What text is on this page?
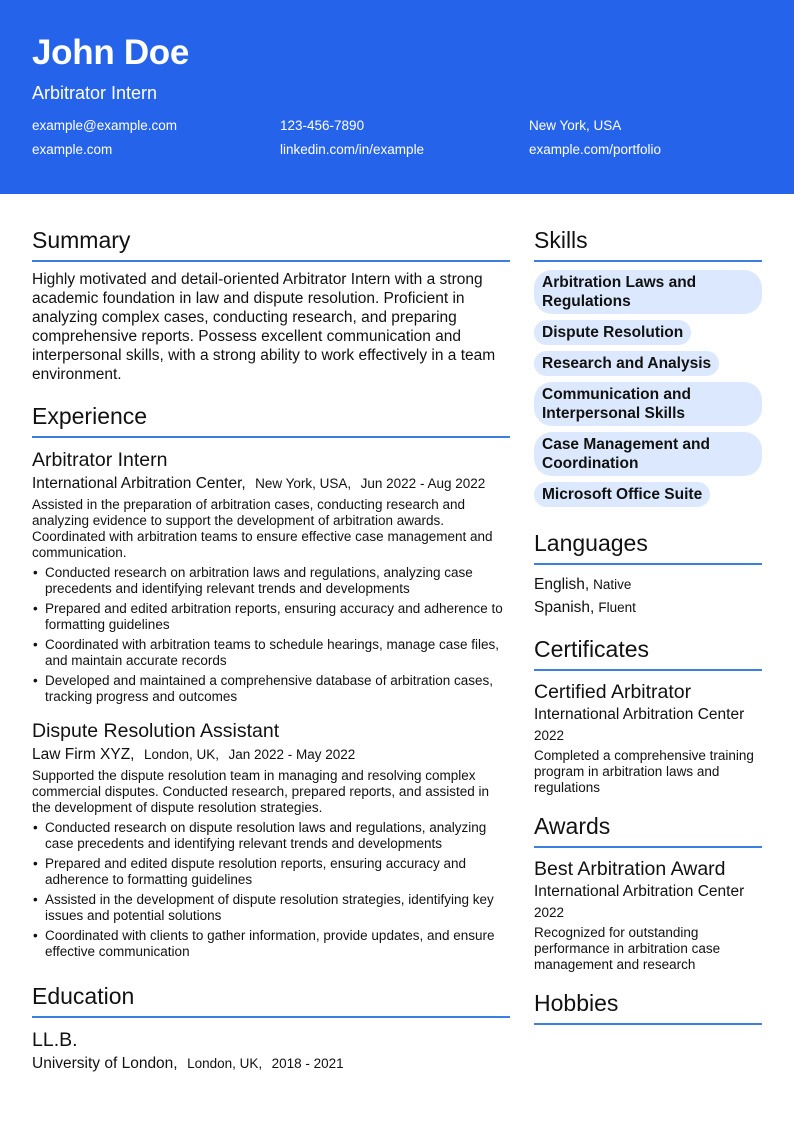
John Doe
Arbitrator Intern
example@example.com	123-456-7890	New York, USA
example.com	linkedin.com/in/example	example.com/portfolio
Summary
Highly motivated and detail-oriented Arbitrator Intern with a strong academic foundation in law and dispute resolution. Proficient in analyzing complex cases, conducting research, and preparing comprehensive reports. Possess excellent communication and interpersonal skills, with a strong ability to work effectively in a team environment.
Experience
Arbitrator Intern
International Arbitration Center, New York, USA, Jun 2022 - Aug 2022
Assisted in the preparation of arbitration cases, conducting research and analyzing evidence to support the development of arbitration awards. Coordinated with arbitration teams to ensure effective case management and communication.
• Conducted research on arbitration laws and regulations, analyzing case precedents and identifying relevant trends and developments
• Prepared and edited arbitration reports, ensuring accuracy and adherence to formatting guidelines
• Coordinated with arbitration teams to schedule hearings, manage case files, and maintain accurate records
• Developed and maintained a comprehensive database of arbitration cases, tracking progress and outcomes
Dispute Resolution Assistant
Law Firm XYZ, London, UK, Jan 2022 - May 2022
Supported the dispute resolution team in managing and resolving complex commercial disputes. Conducted research, prepared reports, and assisted in the development of dispute resolution strategies.
• Conducted research on dispute resolution laws and regulations, analyzing case precedents and identifying relevant trends and developments
• Prepared and edited dispute resolution reports, ensuring accuracy and adherence to formatting guidelines
• Assisted in the development of dispute resolution strategies, identifying key issues and potential solutions
• Coordinated with clients to gather information, provide updates, and ensure effective communication
Education
LL.B.
University of London, London, UK, 2018 - 2021
Skills
Arbitration Laws and Regulations
Dispute Resolution
Research and Analysis
Communication and Interpersonal Skills
Case Management and Coordination
Microsoft Office Suite
Languages
English, Native
Spanish, Fluent
Certificates
Certified Arbitrator
International Arbitration Center
2022
Completed a comprehensive training program in arbitration laws and regulations
Awards
Best Arbitration Award
International Arbitration Center
2022
Recognized for outstanding performance in arbitration case management and research
Hobbies
